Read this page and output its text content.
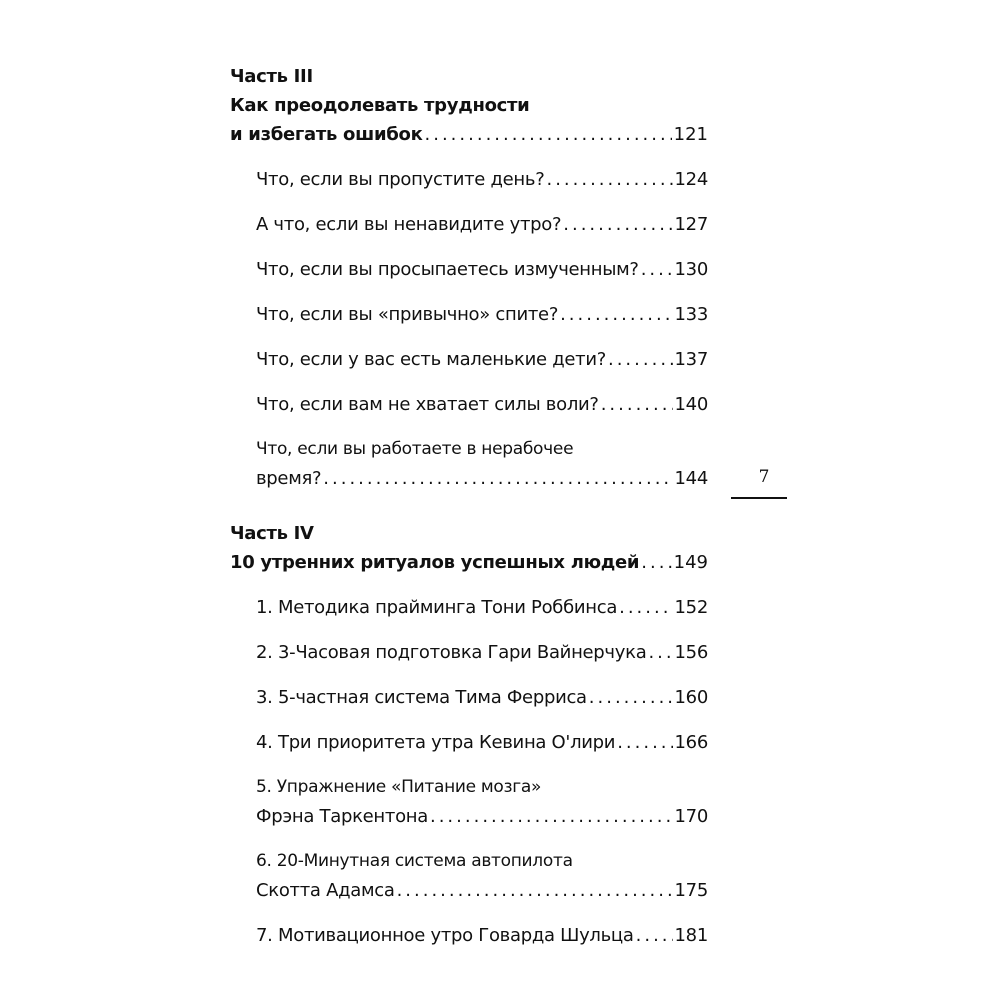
Часть III
Как преодолевать трудности
и избегать ошибок .....	121
Что, если вы пропустите день? .....	124
А что, если вы ненавидите утро? .....	127
Что, если вы просыпаетесь измученным? ..... 130
Что, если вы «привычно» спите? .....	133
Что, если у вас есть маленькие дети? .....	137
Что, если вам не хватает силы воли? .....	140
Что, если вы работаете в нерабочее
время? .....	144
Часть IV
10 утренних ритуалов успешных людей ..... 149
1. Методика прайминга Тони Роббинса .....	152
2. 3-Часовая подготовка Гари Вайнерчука ..... 156
3. 5-частная система Тима Ферриса .....	160
4. Три приоритета утра Кевина О'лири .....	166
5. Упражнение «Питание мозга»
Фрэна Таркентона .....	170
6. 20-Минутная система автопилота
Скотта Адамса .....	175
7. Мотивационное утро Говарда Шульца ..... 181
7
